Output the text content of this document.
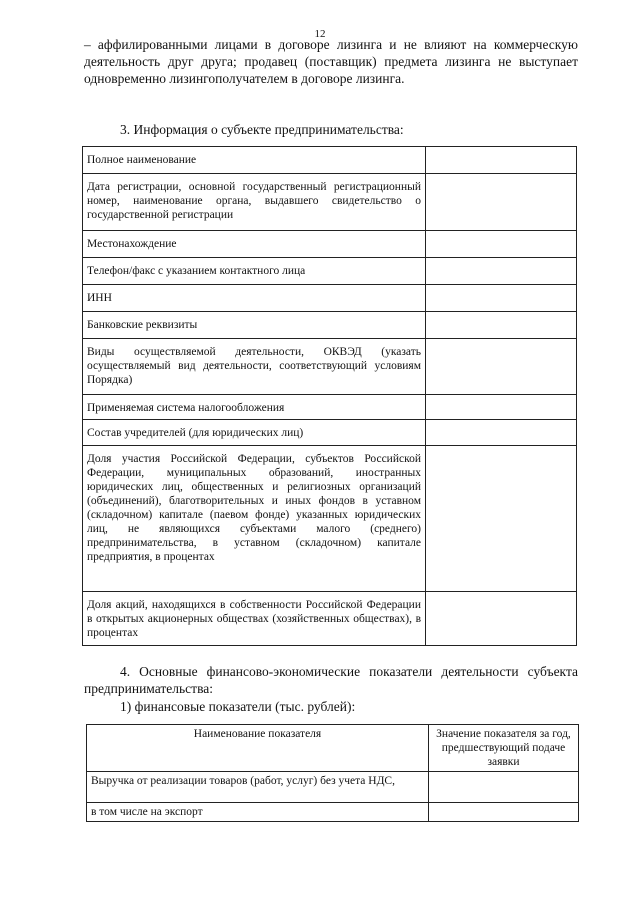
12

– аффилированными лицами в договоре лизинга и не влияют на коммерческую деятельность друг друга; продавец (поставщик) предмета лизинга не выступает одновременно лизингополучателем в договоре лизинга.

3. Информация о субъекте предпринимательства:

Полное наименование	
Дата регистрации, основной государственный регистрационный номер, наименование органа, выдавшего свидетельство о государственной регистрации	
Местонахождение	
Телефон/факс с указанием контактного лица	
ИНН	
Банковские реквизиты	
Виды осуществляемой деятельности, ОКВЭД (указать осуществляемый вид деятельности, соответствующий условиям Порядка)	
Применяемая система налогообложения	
Состав учредителей (для юридических лиц)	
Доля участия Российской Федерации, субъектов Российской Федерации, муниципальных образований, иностранных юридических лиц, общественных и религиозных организаций (объединений), благотворительных и иных фондов в уставном (складочном) капитале (паевом фонде) указанных юридических лиц, не являющихся субъектами малого (среднего) предпринимательства, в уставном (складочном) капитале предприятия, в процентах	
Доля акций, находящихся в собственности Российской Федерации в открытых акционерных обществах (хозяйственных обществах), в процентах	

4. Основные финансово-экономические показатели деятельности субъекта предпринимательства:

1) финансовые показатели (тыс. рублей):

Наименование показателя	Значение показателя за год, предшествующий подаче заявки
Выручка от реализации товаров (работ, услуг) без учета НДС,	
в том числе на экспорт	
